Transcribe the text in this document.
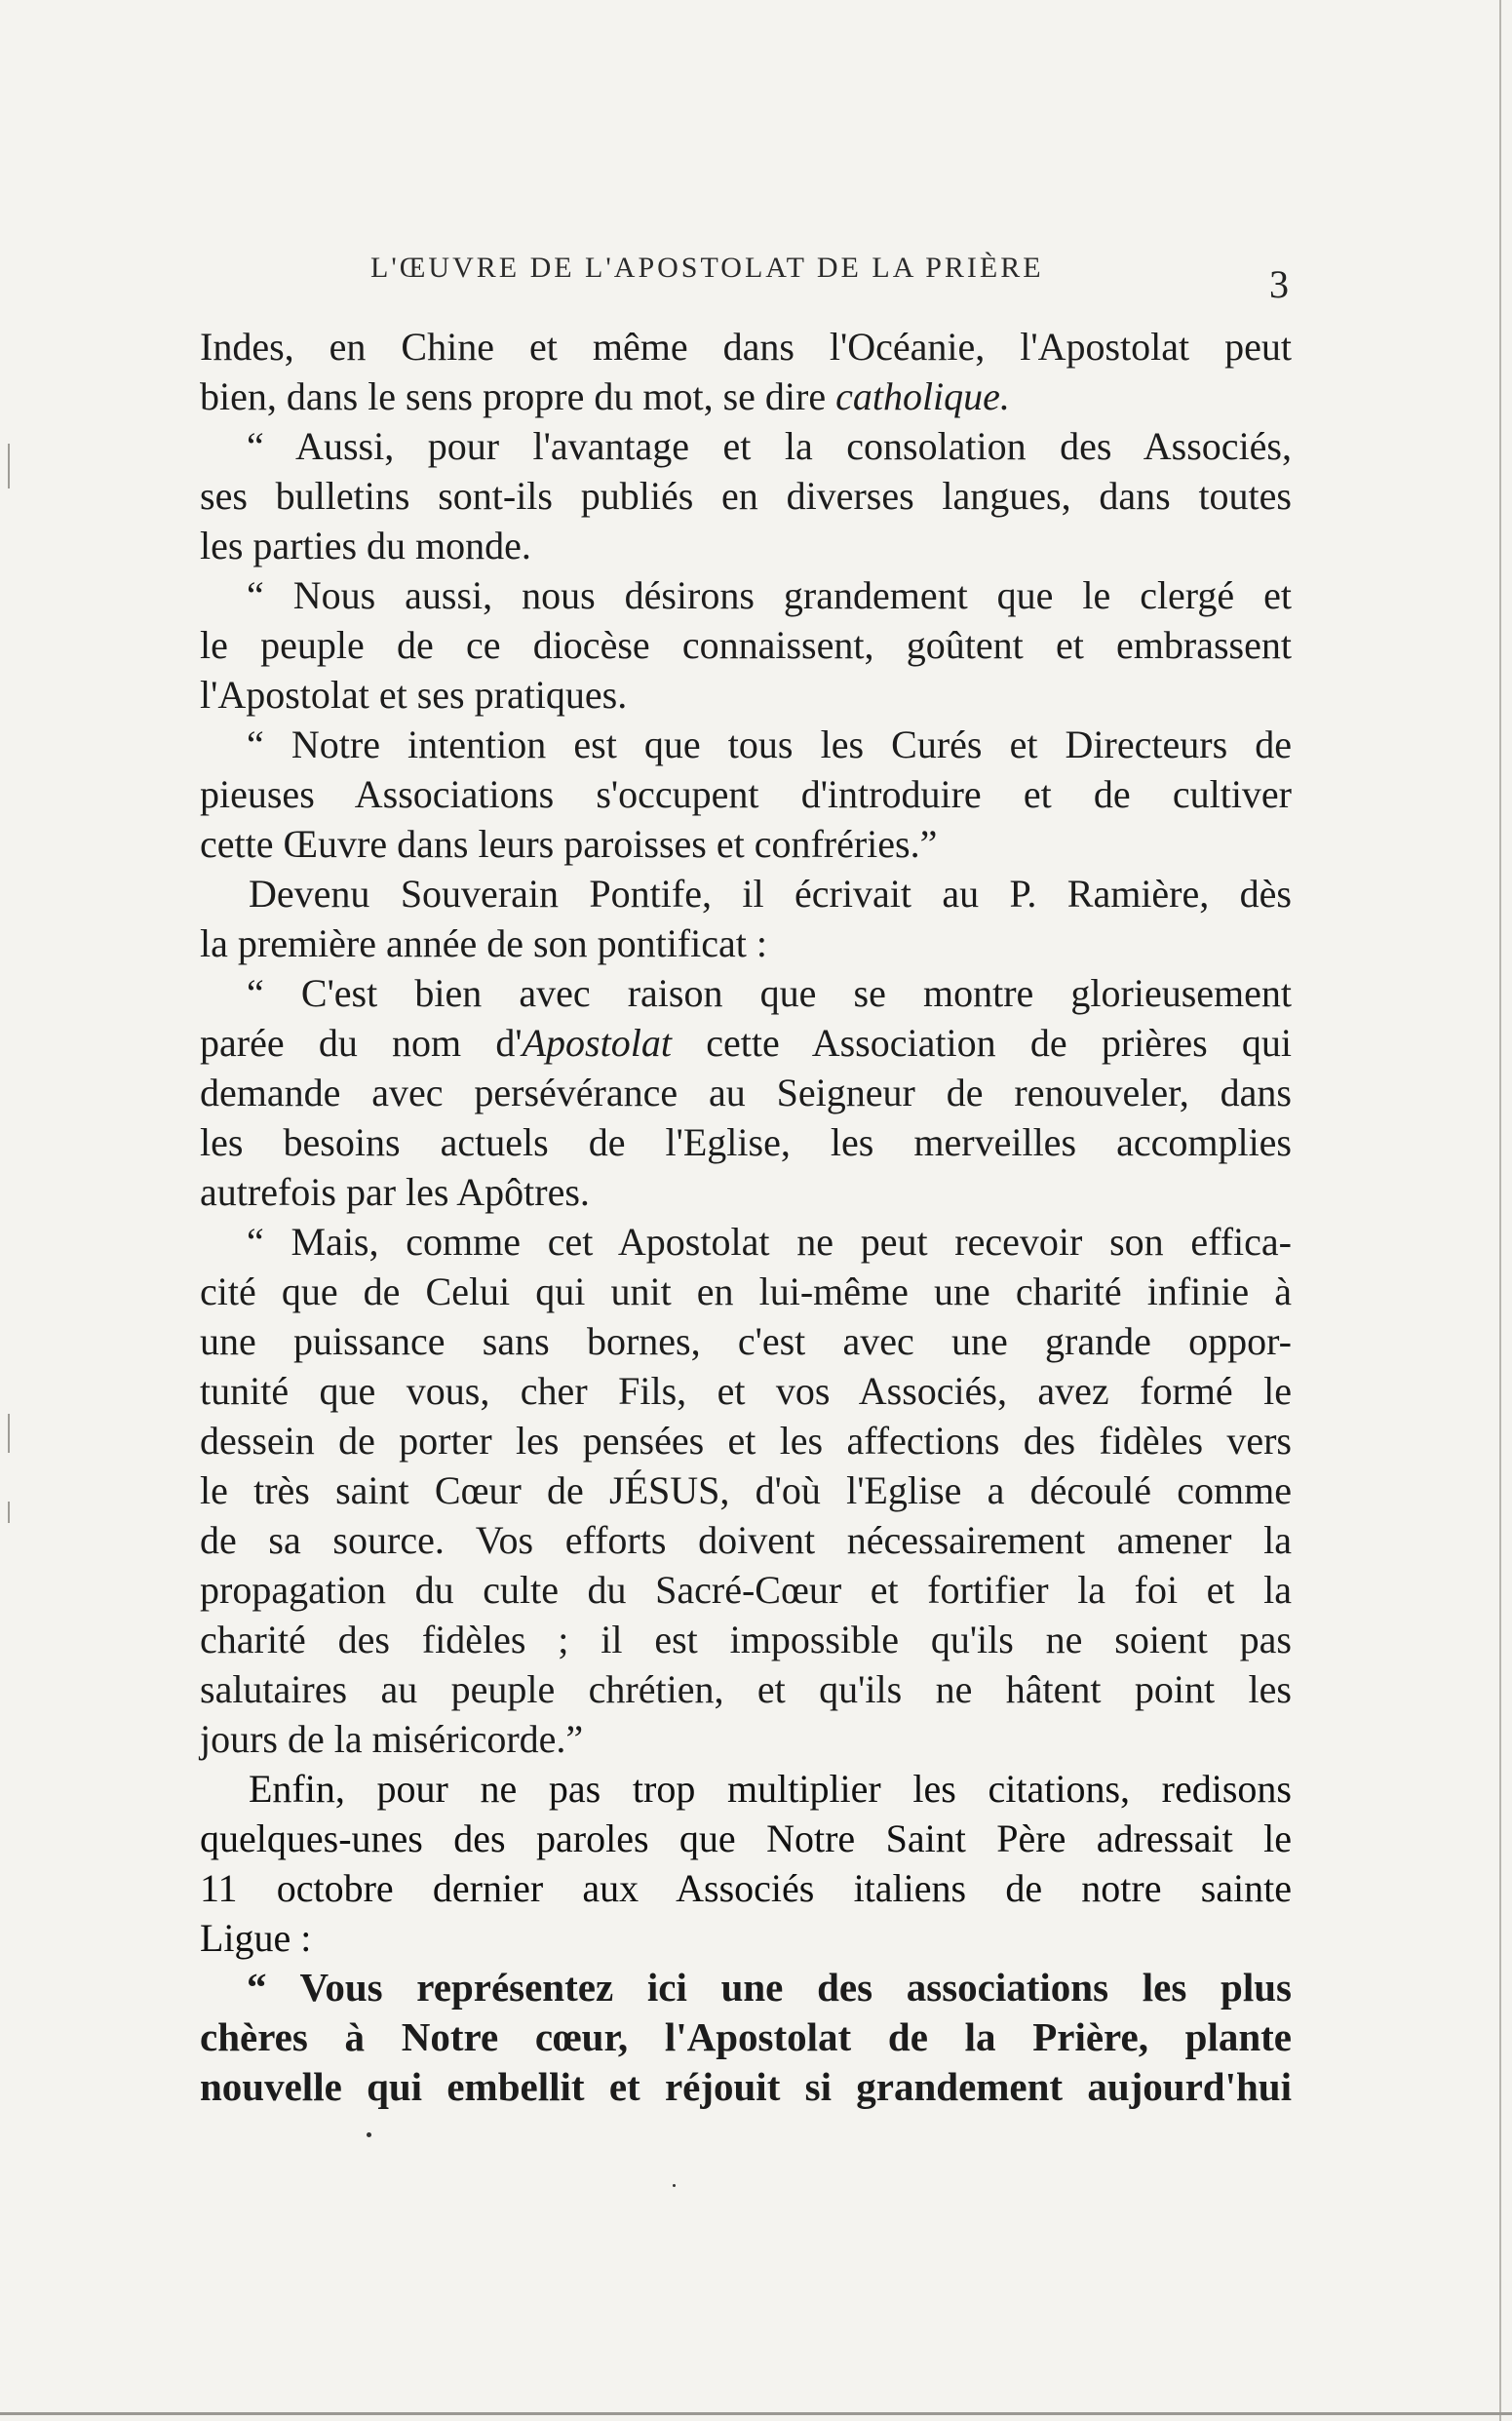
L'ŒUVRE DE L'APOSTOLAT DE LA PRIÈRE	3
Indes, en Chine et même dans l'Océanie, l'Apostolat peut
bien, dans le sens propre du mot, se dire catholique.
“ Aussi, pour l'avantage et la consolation des Associés,
ses bulletins sont-ils publiés en diverses langues, dans toutes
les parties du monde.
“ Nous aussi, nous désirons grandement que le clergé et
le peuple de ce diocèse connaissent, goûtent et embrassent
l'Apostolat et ses pratiques.
“ Notre intention est que tous les Curés et Directeurs de
pieuses Associations s'occupent d'introduire et de cultiver
cette Œuvre dans leurs paroisses et confréries.”
Devenu Souverain Pontife, il écrivait au P. Ramière, dès
la première année de son pontificat :
“ C'est bien avec raison que se montre glorieusement
parée du nom d'Apostolat cette Association de prières qui
demande avec persévérance au Seigneur de renouveler, dans
les besoins actuels de l'Eglise, les merveilles accomplies
autrefois par les Apôtres.
“ Mais, comme cet Apostolat ne peut recevoir son effica-
cité que de Celui qui unit en lui-même une charité infinie à
une puissance sans bornes, c'est avec une grande oppor-
tunité que vous, cher Fils, et vos Associés, avez formé le
dessein de porter les pensées et les affections des fidèles vers
le très saint Cœur de JÉSUS, d'où l'Eglise a découlé comme
de sa source. Vos efforts doivent nécessairement amener la
propagation du culte du Sacré-Cœur et fortifier la foi et la
charité des fidèles ; il est impossible qu'ils ne soient pas
salutaires au peuple chrétien, et qu'ils ne hâtent point les
jours de la miséricorde.”
Enfin, pour ne pas trop multiplier les citations, redisons
quelques-unes des paroles que Notre Saint Père adressait le
11 octobre dernier aux Associés italiens de notre sainte
Ligue :
“ Vous représentez ici une des associations les plus
chères à Notre cœur, l'Apostolat de la Prière, plante
nouvelle qui embellit et réjouit si grandement aujourd'hui
